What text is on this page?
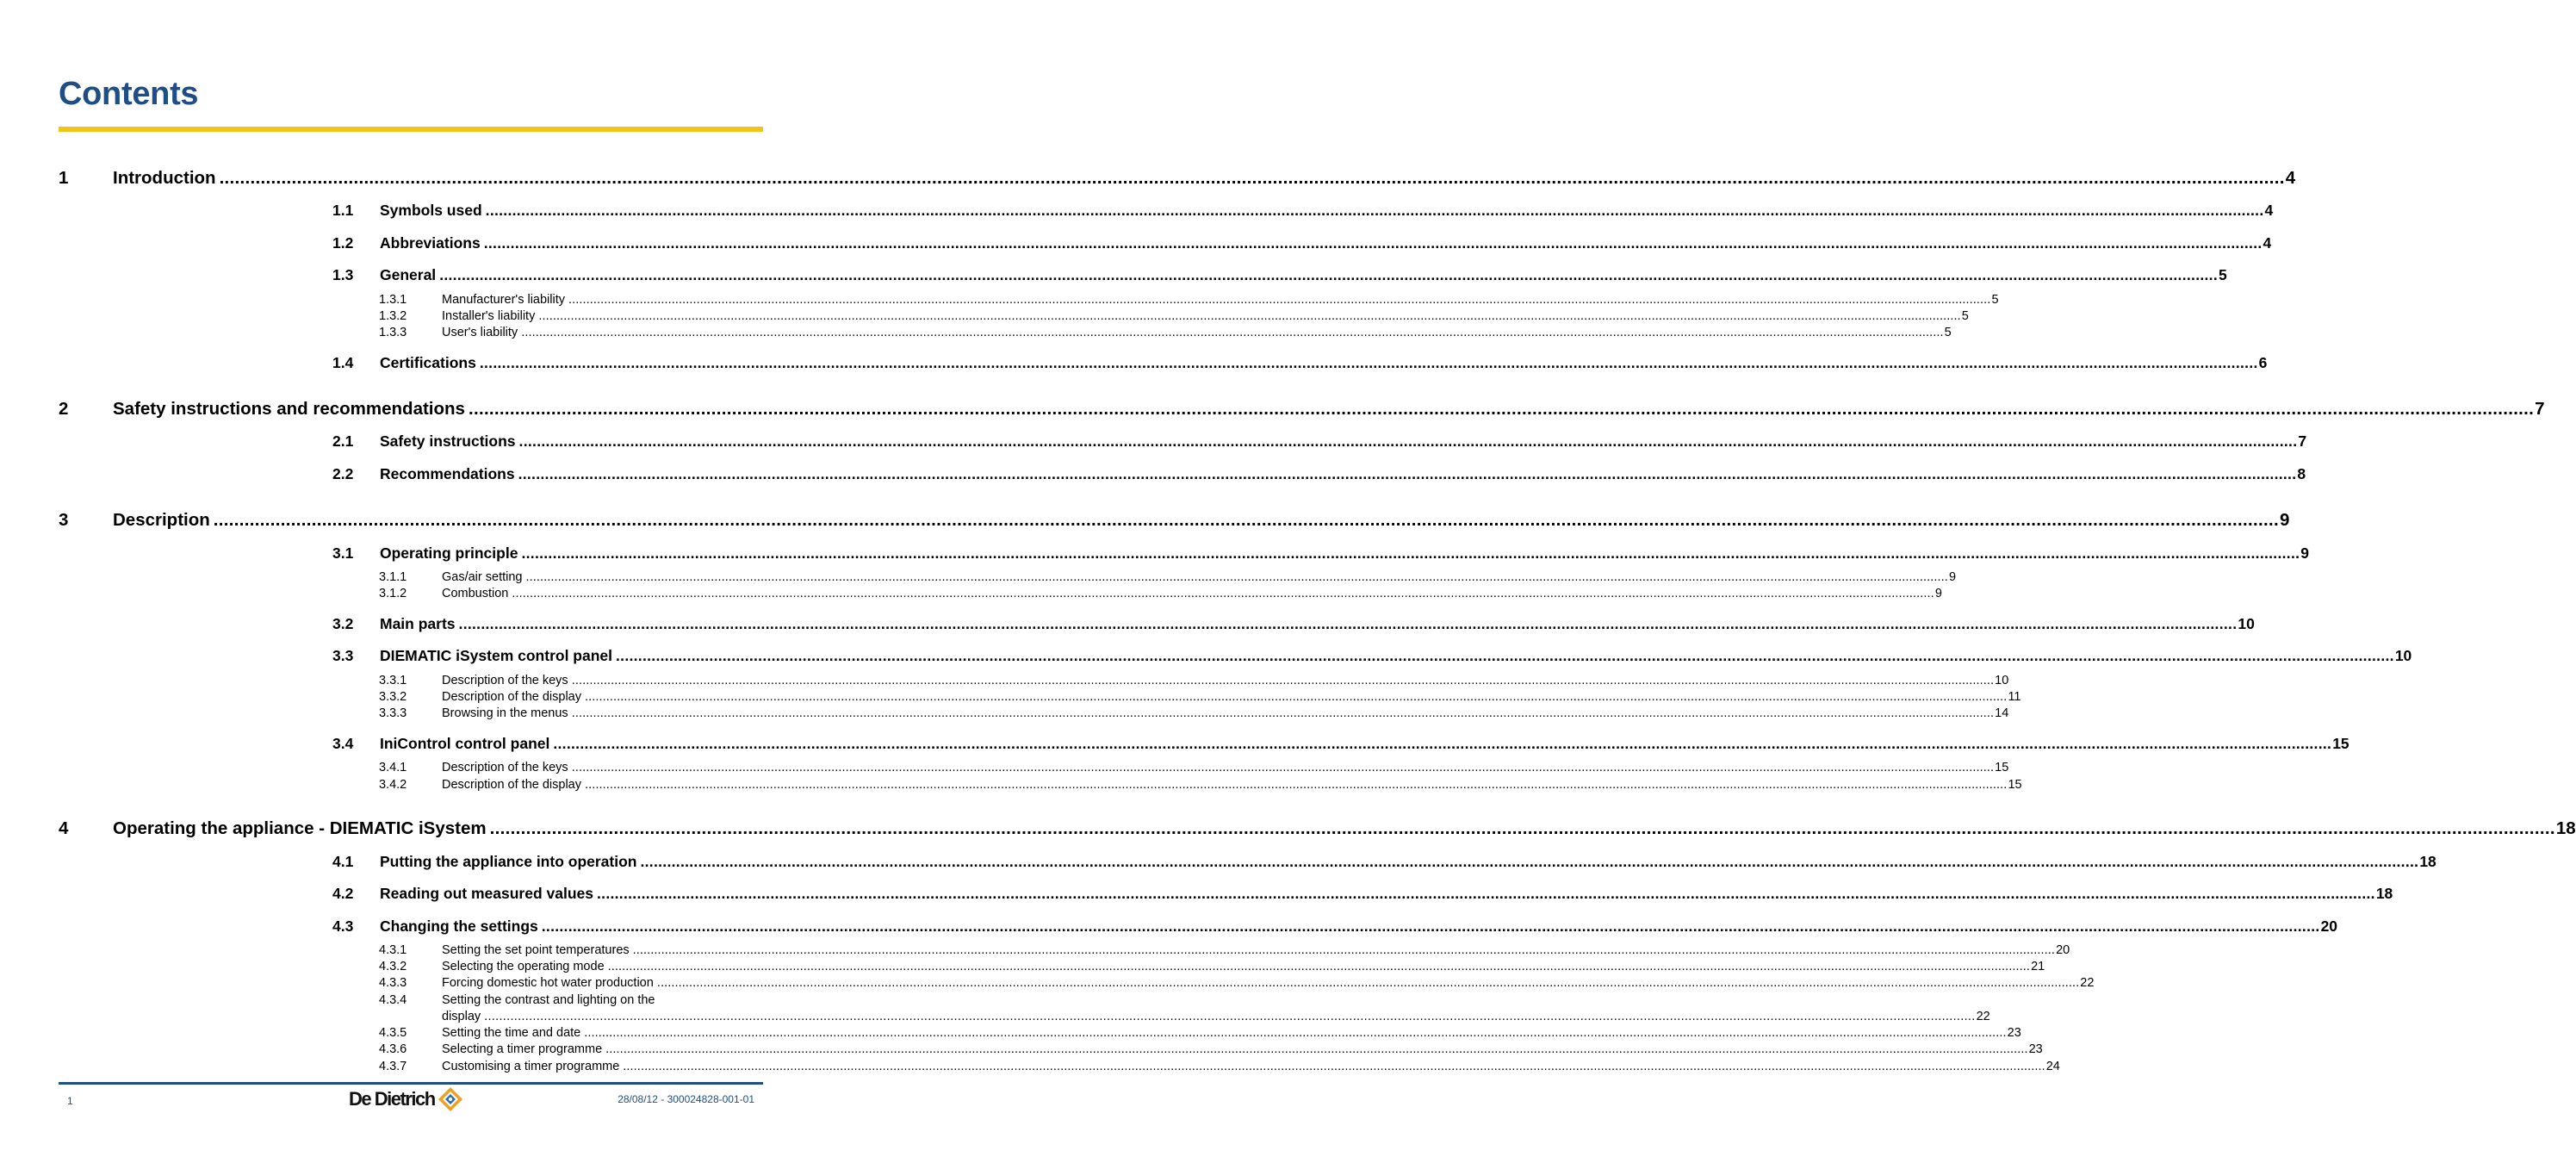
Contents
1	Introduction ................................................................................................................................................................................................................................................................................................................................................................................................................ 4
1.1	Symbols used ................................................................................................................................................................................................................................................................................................................................................................................................................ 4
1.2	Abbreviations ................................................................................................................................................................................................................................................................................................................................................................................................................ 4
1.3	General ................................................................................................................................................................................................................................................................................................................................................................................................................ 5
1.3.1	Manufacturer's liability ................................................................................................................................................................................................................................................................................................................................................................................................................ 5
1.3.2	Installer's liability ................................................................................................................................................................................................................................................................................................................................................................................................................ 5
1.3.3	User's liability ................................................................................................................................................................................................................................................................................................................................................................................................................ 5
1.4	Certifications ................................................................................................................................................................................................................................................................................................................................................................................................................ 6
2	Safety instructions and recommendations ................................................................................................................................................................................................................................................................................................................................................................................................................ 7
2.1	Safety instructions ................................................................................................................................................................................................................................................................................................................................................................................................................ 7
2.2	Recommendations ................................................................................................................................................................................................................................................................................................................................................................................................................ 8
3	Description ................................................................................................................................................................................................................................................................................................................................................................................................................ 9
3.1	Operating principle ................................................................................................................................................................................................................................................................................................................................................................................................................ 9
3.1.1	Gas/air setting ................................................................................................................................................................................................................................................................................................................................................................................................................ 9
3.1.2	Combustion ................................................................................................................................................................................................................................................................................................................................................................................................................ 9
3.2	Main parts ................................................................................................................................................................................................................................................................................................................................................................................................................ 10
3.3	DIEMATIC iSystem control panel ................................................................................................................................................................................................................................................................................................................................................................................................................ 10
3.3.1	Description of the keys ................................................................................................................................................................................................................................................................................................................................................................................................................ 10
3.3.2	Description of the display ................................................................................................................................................................................................................................................................................................................................................................................................................ 11
3.3.3	Browsing in the menus ................................................................................................................................................................................................................................................................................................................................................................................................................ 14
3.4	IniControl control panel ................................................................................................................................................................................................................................................................................................................................................................................................................ 15
3.4.1	Description of the keys ................................................................................................................................................................................................................................................................................................................................................................................................................ 15
3.4.2	Description of the display ................................................................................................................................................................................................................................................................................................................................................................................................................ 15
4	Operating the appliance - DIEMATIC iSystem ................................................................................................................................................................................................................................................................................................................................................................................................................ 18
4.1	Putting the appliance into operation ................................................................................................................................................................................................................................................................................................................................................................................................................ 18
4.2	Reading out measured values ................................................................................................................................................................................................................................................................................................................................................................................................................ 18
4.3	Changing the settings ................................................................................................................................................................................................................................................................................................................................................................................................................ 20
4.3.1	Setting the set point temperatures ................................................................................................................................................................................................................................................................................................................................................................................................................ 20
4.3.2	Selecting the operating mode ................................................................................................................................................................................................................................................................................................................................................................................................................ 21
4.3.3	Forcing domestic hot water production ................................................................................................................................................................................................................................................................................................................................................................................................................ 22
4.3.4	Setting the contrast and lighting on the
display ................................................................................................................................................................................................................................................................................................................................................................................................................ 22
4.3.5	Setting the time and date ................................................................................................................................................................................................................................................................................................................................................................................................................ 23
4.3.6	Selecting a timer programme ................................................................................................................................................................................................................................................................................................................................................................................................................ 23
4.3.7	Customising a timer programme ................................................................................................................................................................................................................................................................................................................................................................................................................ 24
1	De Dietrich	28/08/12 - 300024828-001-01
